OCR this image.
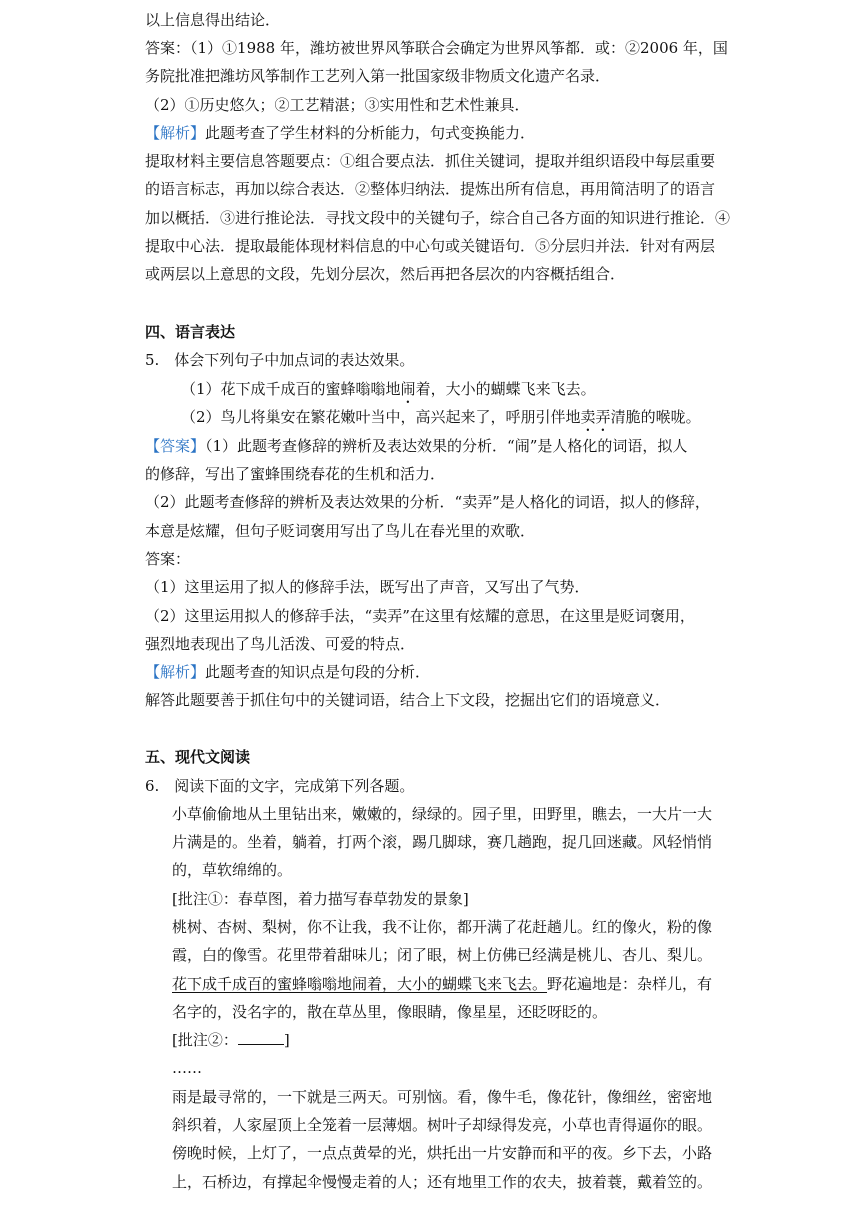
以上信息得出结论．
答案：（1）①1988 年，潍坊被世界风筝联合会确定为世界风筝都．或：②2006 年，国
务院批准把潍坊风筝制作工艺列入第一批国家级非物质文化遗产名录．
（2）①历史悠久；②工艺精湛；③实用性和艺术性兼具．
【解析】此题考查了学生材料的分析能力，句式变换能力．
提取材料主要信息答题要点：①组合要点法．抓住关键词，提取并组织语段中每层重要
的语言标志，再加以综合表达．②整体归纳法．提炼出所有信息，再用简洁明了的语言
加以概括．③进行推论法．寻找文段中的关键句子，综合自己各方面的知识进行推论．④
提取中心法．提取最能体现材料信息的中心句或关键语句．⑤分层归并法．针对有两层
或两层以上意思的文段，先划分层次，然后再把各层次的内容概括组合．
四、语言表达
5.　体会下列句子中加点词的表达效果。
（1）花下成千成百的蜜蜂嗡嗡地闹着，大小的蝴蝶飞来飞去。
（2）鸟儿将巢安在繁花嫩叶当中，高兴起来了，呼朋引伴地卖弄清脆的喉咙。
【答案】（1）此题考查修辞的辨析及表达效果的分析．“闹”是人格化的词语，拟人
的修辞，写出了蜜蜂围绕春花的生机和活力．
（2）此题考查修辞的辨析及表达效果的分析．“卖弄”是人格化的词语，拟人的修辞，
本意是炫耀，但句子贬词褒用写出了鸟儿在春光里的欢歌．
答案：
（1）这里运用了拟人的修辞手法，既写出了声音，又写出了气势．
（2）这里运用拟人的修辞手法，“卖弄”在这里有炫耀的意思，在这里是贬词褒用，
强烈地表现出了鸟儿活泼、可爱的特点．
【解析】此题考查的知识点是句段的分析．
解答此题要善于抓住句中的关键词语，结合上下文段，挖掘出它们的语境意义．
五、现代文阅读
6.　阅读下面的文字，完成第下列各题。
小草偷偷地从土里钻出来，嫩嫩的，绿绿的。园子里，田野里，瞧去，一大片一大
片满是的。坐着，躺着，打两个滚，踢几脚球，赛几趟跑，捉几回迷藏。风轻悄悄
的，草软绵绵的。
[批注①：春草图，着力描写春草勃发的景象]
桃树、杏树、梨树，你不让我，我不让你，都开满了花赶趟儿。红的像火，粉的像
霞，白的像雪。花里带着甜味儿；闭了眼，树上仿佛已经满是桃儿、杏儿、梨儿。
花下成千成百的蜜蜂嗡嗡地闹着，大小的蝴蝶飞来飞去。野花遍地是：杂样儿，有
名字的，没名字的，散在草丛里，像眼睛，像星星，还眨呀眨的。
[批注②：	]
……
雨是最寻常的，一下就是三两天。可别恼。看，像牛毛，像花针，像细丝，密密地
斜织着，人家屋顶上全笼着一层薄烟。树叶子却绿得发亮，小草也青得逼你的眼。
傍晚时候，上灯了，一点点黄晕的光，烘托出一片安静而和平的夜。乡下去，小路
上，石桥边，有撑起伞慢慢走着的人；还有地里工作的农夫，披着蓑，戴着笠的。
